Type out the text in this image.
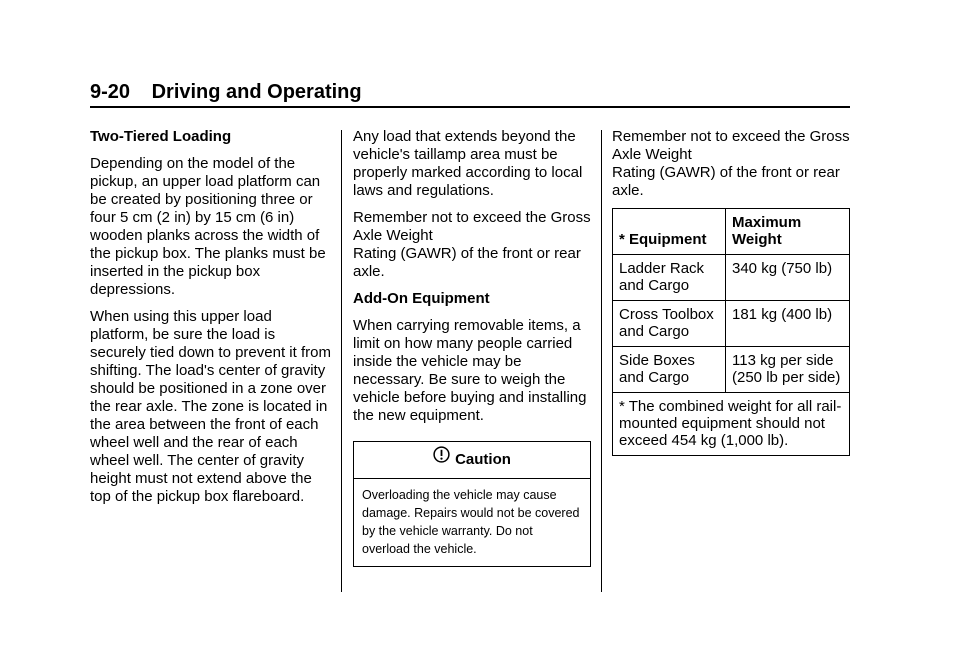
9-20 Driving and Operating
Two-Tiered Loading

Depending on the model of the pickup, an upper load platform can be created by positioning three or four 5 cm (2 in) by 15 cm (6 in) wooden planks across the width of the pickup box. The planks must be inserted in the pickup box depressions.

When using this upper load platform, be sure the load is securely tied down to prevent it from shifting. The load's center of gravity should be positioned in a zone over the rear axle. The zone is located in the area between the front of each wheel well and the rear of each wheel well. The center of gravity height must not extend above the top of the pickup box flareboard.

Any load that extends beyond the vehicle's taillamp area must be properly marked according to local laws and regulations.

Remember not to exceed the Gross Axle Weight
Rating (GAWR) of the front or rear axle.

Add-On Equipment

When carrying removable items, a limit on how many people carried inside the vehicle may be necessary. Be sure to weigh the vehicle before buying and installing the new equipment.

Caution
Overloading the vehicle may cause damage. Repairs would not be covered by the vehicle warranty. Do not overload the vehicle.

Remember not to exceed the Gross Axle Weight
Rating (GAWR) of the front or rear axle.

* Equipment	Maximum Weight
Ladder Rack and Cargo	340 kg (750 lb)
Cross Toolbox and Cargo	181 kg (400 lb)
Side Boxes and Cargo	113 kg per side (250 lb per side)
* The combined weight for all rail-mounted equipment should not exceed 454 kg (1,000 lb).	
